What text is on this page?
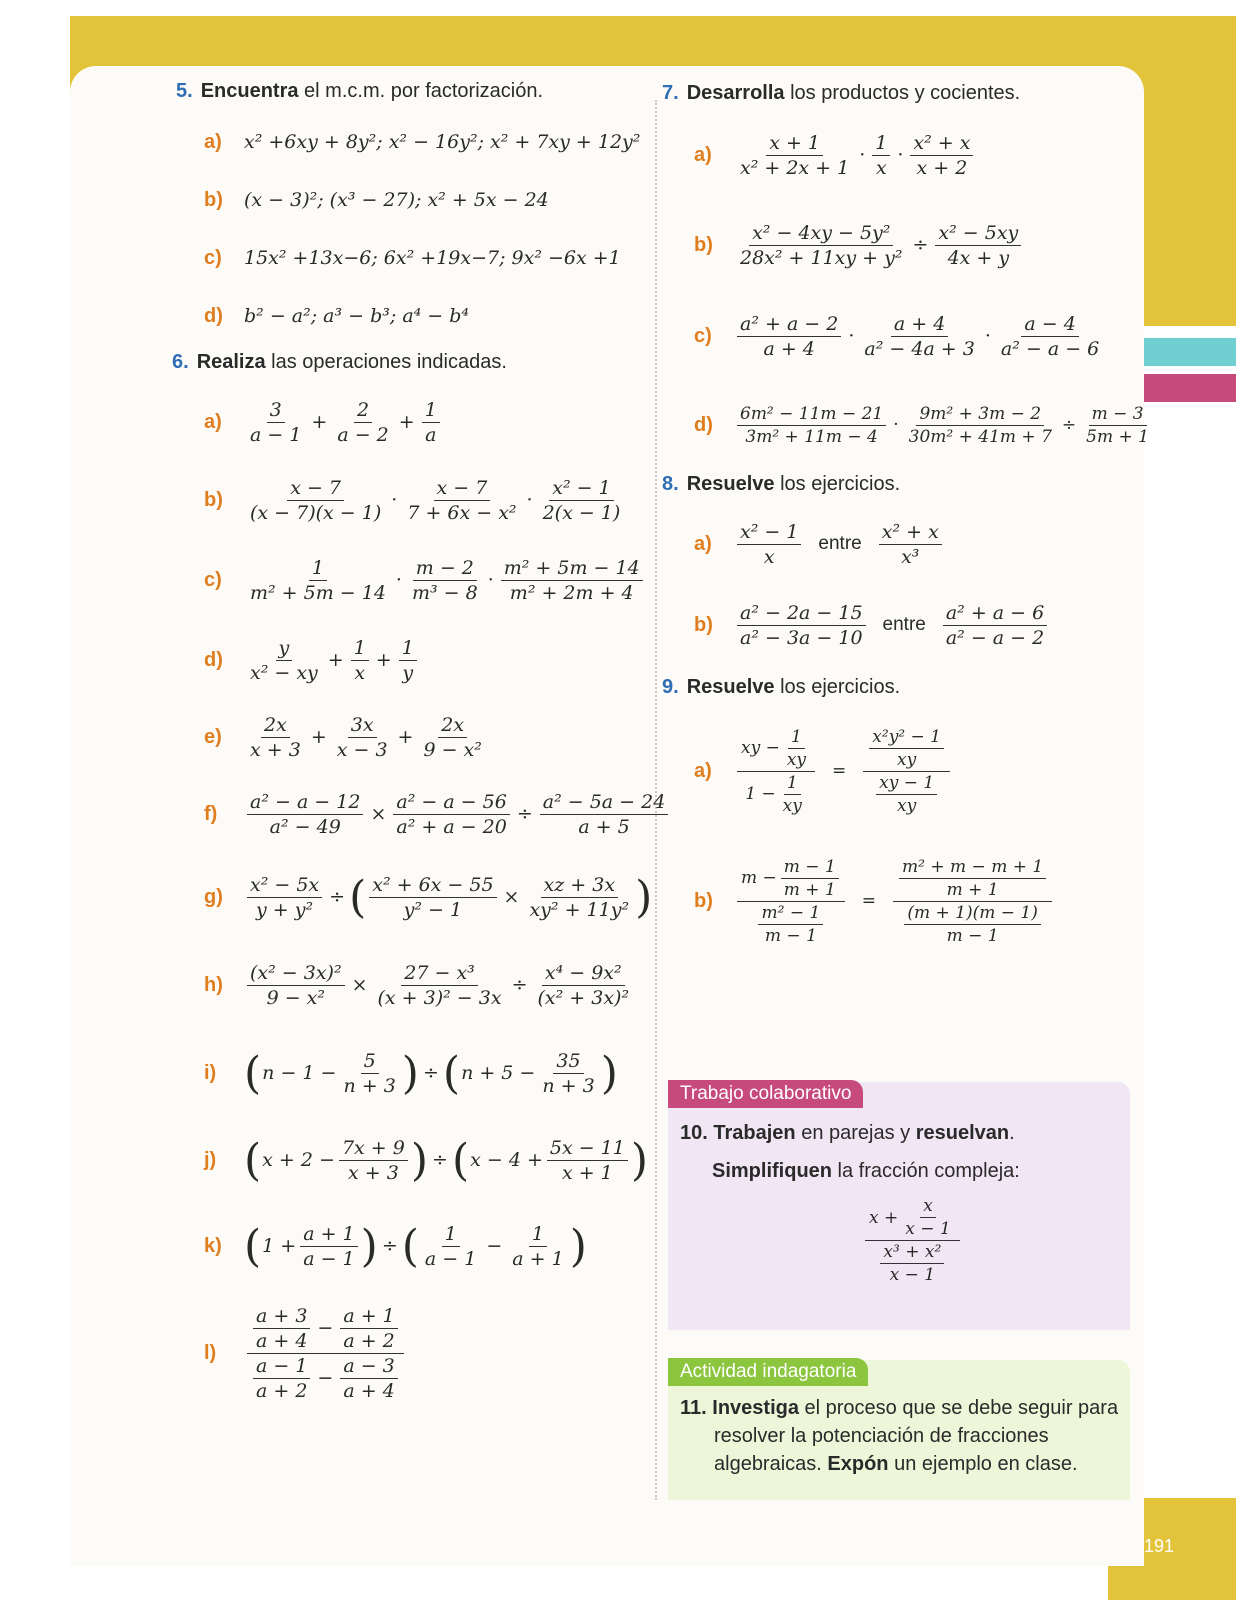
5. Encuentra el m.c.m. por factorización.
a)	x² +6xy + 8y²; x² − 16y²; x² + 7xy + 12y²
b)	(x − 3)²; (x³ − 27); x² + 5x − 24
c)	15x² +13x−6; 6x² +19x−7; 9x² −6x +1
d)	b² − a²; a³ − b³; a⁴ − b⁴
6. Realiza las operaciones indicadas.
a)	$\frac{3}{a - 1} + \frac{2}{a - 2} + \frac{1}{a}$
b)	$\frac{x - 7}{(x - 7)(x - 1)} \cdot \frac{x - 7}{\text{7 + 6x − x²}} \cdot \frac{\text{x² − 1}}{2(x - 1)}$
c)	$\frac{1}{\text{m² + 5m − 14}} \cdot \frac{m - 2}{\text{m³ − 8}} \cdot \frac{\text{m² + 5m − 14}}{\text{m² + 2m + 4}}$
d)	$\frac{y}{\text{x² − xy}} + \frac{1}{x} + \frac{1}{y}$
e)	$\frac{2x}{x + 3} + \frac{3x}{x - 3} + \frac{2x}{\text{9 − x²}}$
f)	$\frac{\text{a² − a − 12}}{\text{a² − 49}} \times \frac{\text{a² − a − 56}}{\text{a² + a − 20}} \div \frac{\text{a² − 5a − 24}}{a + 5}$
g)	$\frac{\text{x² − 5x}}{\text{y + y²}}$ ÷ ( $\frac{\text{x² + 6x − 55}}{\text{y² − 1}} \times \frac{xz + 3x}{\text{xy² + 11y²}}$ )
h)	$\frac{\text{(x² − 3x)²}}{\text{9 − x²}} \times \frac{\text{27 − x³}}{\text{(x + 3)² − 3x}} \div \frac{\text{x⁴ − 9x²}}{\text{(x² + 3x)²}}$
i) ( $n - 1 - \frac{5}{n + 3}$ ) ÷ ( $n + 5 - \frac{35}{n + 3}$ )
j) ( $x + 2 - \frac{7x + 9}{x + 3}$ ) ÷ ( $x - 4 + \frac{5x - 11}{x + 1}$ )
k) ( $1 + \frac{a + 1}{a - 1}$ ) ÷ ( $\frac{1}{a - 1} - \frac{1}{a + 1}$ )
l)	$\frac{\frac{a + 3}{a + 4} - \frac{a + 1}{a + 2}}{\frac{a - 1}{a + 2} - \frac{a - 3}{a + 4}}$
7. Desarrolla los productos y cocientes.
a)	$\frac{x + 1}{\text{x² + 2x + 1}} \cdot \frac{1}{x} \cdot \frac{\text{x² + x}}{x + 2}$
b)	$\frac{\text{x² − 4xy − 5y²}}{\text{28x² + 11xy + y²}} \div \frac{\text{x² − 5xy}}{4x + y}$
c)	$\frac{\text{a² + a − 2}}{a + 4} \cdot \frac{a + 4}{\text{a² − 4a + 3}} \cdot \frac{a - 4}{\text{a² − a − 6}}$
d)	$\frac{\text{6m² − 11m − 21}}{\text{3m² + 11m − 4}} \cdot \frac{\text{9m² + 3m − 2}}{\text{30m² + 41m + 7}} \div \frac{m - 3}{5m + 1}$
8. Resuelve los ejercicios.
a)	$\frac{\text{x² − 1}}{x}$ entre $\frac{\text{x² + x}}{\text{x³}}$
b)	$\frac{\text{a² − 2a − 15}}{\text{a² − 3a − 10}}$ entre $\frac{\text{a² + a − 6}}{\text{a² − a − 2}}$
9. Resuelve los ejercicios.
a)	$\frac{xy - \frac{1}{xy}}{1 - \frac{1}{xy}}$	=	$\frac{\frac{\text{x²y² − 1}}{xy}}{\frac{xy - 1}{xy}}$
b)	$\frac{m - \frac{m - 1}{m + 1}}{\frac{\text{m² − 1}}{m - 1}}$	=	$\frac{\frac{\text{m² + m − m + 1}}{m + 1}}{\frac{(m + 1)(m - 1)}{m - 1}}$
Trabajo colaborativo
10. Trabajen en parejas y resuelvan.
Simplifiquen la fracción compleja:
$\frac{x + \frac{x}{x - 1}}{\frac{\text{x³ + x²}}{x - 1}}$
Actividad indagatoria
11. Investiga el proceso que se debe seguir para resolver la potenciación de fracciones algebraicas. Expón un ejemplo en clase.
191
